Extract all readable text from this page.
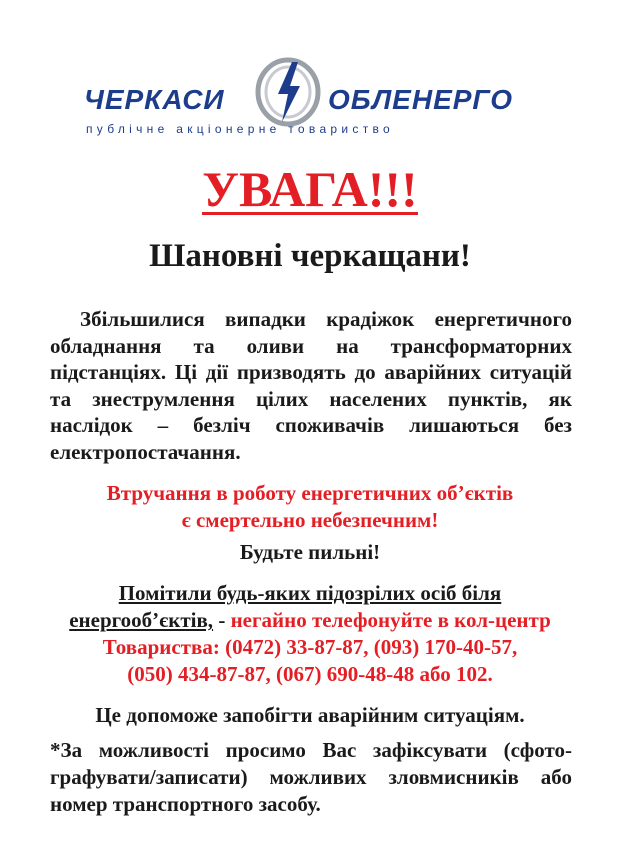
ЧЕРКАСИ	ОБЛЕНЕРГО
публічне акціонерне товариство
УВАГА!!!
Шановні черкащани!
Збільшилися випадки крадіжок енергетичного обладнання та оливи на трансформаторних підстанціях. Ці дії призводять до аварійних ситуацій та знеструмлення цілих населених пунктів, як наслідок – безліч споживачів лишаються без електропостачання.
Втручання в роботу енергетичних об’єктів
є смертельно небезпечним!
Будьте пильні!
Помітили будь-яких підозрілих осіб біля
енергооб’єктів, - негайно телефонуйте в кол-центр
Товариства: (0472) 33-87-87, (093) 170-40-57,
(050) 434-87-87, (067) 690-48-48 або 102.
Це допоможе запобігти аварійним ситуаціям.
*За можливості просимо Вас зафіксувати (сфотографувати/записати) можливих зловмисників або номер транспортного засобу.
